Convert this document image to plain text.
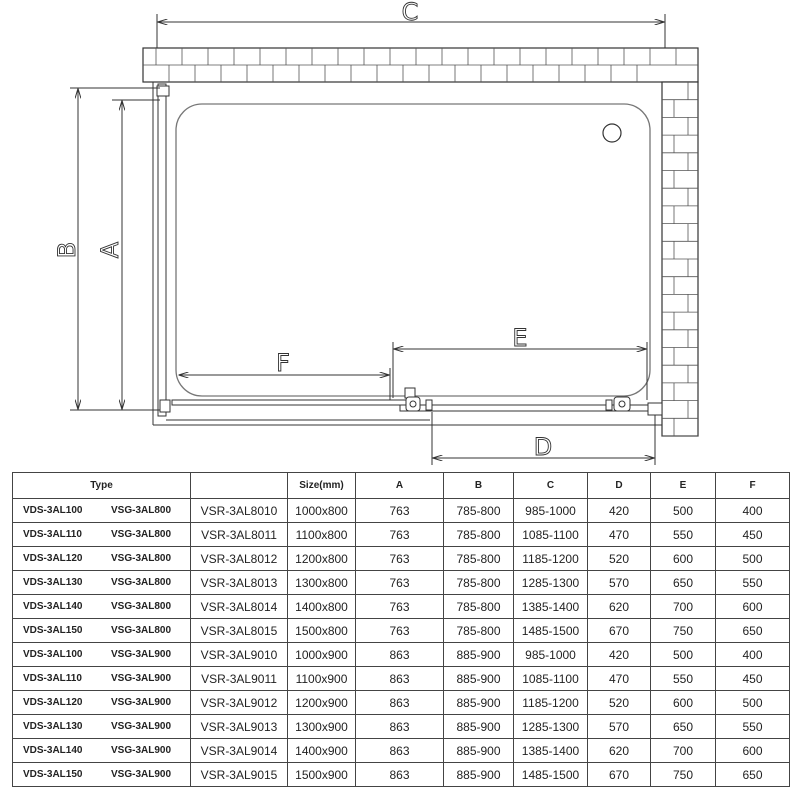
C
B A
F
E
D
Type		Size(mm)	A	B	C	D	E	F
VDS-3AL100 VSG-3AL800	VSR-3AL8010	1000x800	763	785-800	985-1000	420	500	400
VDS-3AL110 VSG-3AL800	VSR-3AL8011	1100x800	763	785-800	1085-1100	470	550	450
VDS-3AL120 VSG-3AL800	VSR-3AL8012	1200x800	763	785-800	1185-1200	520	600	500
VDS-3AL130 VSG-3AL800	VSR-3AL8013	1300x800	763	785-800	1285-1300	570	650	550
VDS-3AL140 VSG-3AL800	VSR-3AL8014	1400x800	763	785-800	1385-1400	620	700	600
VDS-3AL150 VSG-3AL800	VSR-3AL8015	1500x800	763	785-800	1485-1500	670	750	650
VDS-3AL100 VSG-3AL900	VSR-3AL9010	1000x900	863	885-900	985-1000	420	500	400
VDS-3AL110 VSG-3AL900	VSR-3AL9011	1100x900	863	885-900	1085-1100	470	550	450
VDS-3AL120 VSG-3AL900	VSR-3AL9012	1200x900	863	885-900	1185-1200	520	600	500
VDS-3AL130 VSG-3AL900	VSR-3AL9013	1300x900	863	885-900	1285-1300	570	650	550
VDS-3AL140 VSG-3AL900	VSR-3AL9014	1400x900	863	885-900	1385-1400	620	700	600
VDS-3AL150 VSG-3AL900	VSR-3AL9015	1500x900	863	885-900	1485-1500	670	750	650
